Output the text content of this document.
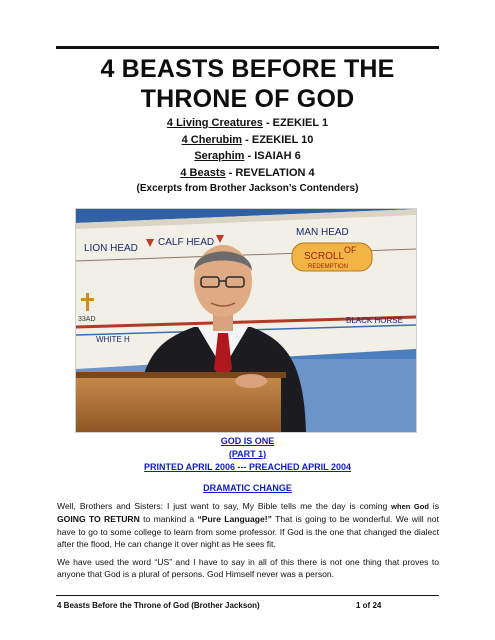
4 BEASTS BEFORE THE
THRONE OF GOD
4 Living Creatures - EZEKIEL 1
4 Cherubim - EZEKIEL 10
Seraphim - ISAIAH 6
4 Beasts - REVELATION 4
(Excerpts from Brother Jackson’s Contenders)
LION HEAD
CALF HEAD
MAN HEAD
SCROLL
OF
REDEMPTION
33AD
WHITE H
BLACK HORSE
GOD IS ONE
(PART 1)
PRINTED APRIL 2006 --- PREACHED APRIL 2004
DRAMATIC CHANGE
Well, Brothers and Sisters: I just want to say, My Bible tells me the day is coming when God is GOING TO RETURN to mankind a “Pure Language!” That is going to be wonderful. We will not have to go to some college to learn from some professor. If God is the one that changed the dialect after the flood, He can change it over night as He sees fit.
We have used the word “US” and I have to say in all of this there is not one thing that proves to anyone that God is a plural of persons. God Himself never was a person.
4 Beasts Before the Throne of God (Brother Jackson)	1 of 24
